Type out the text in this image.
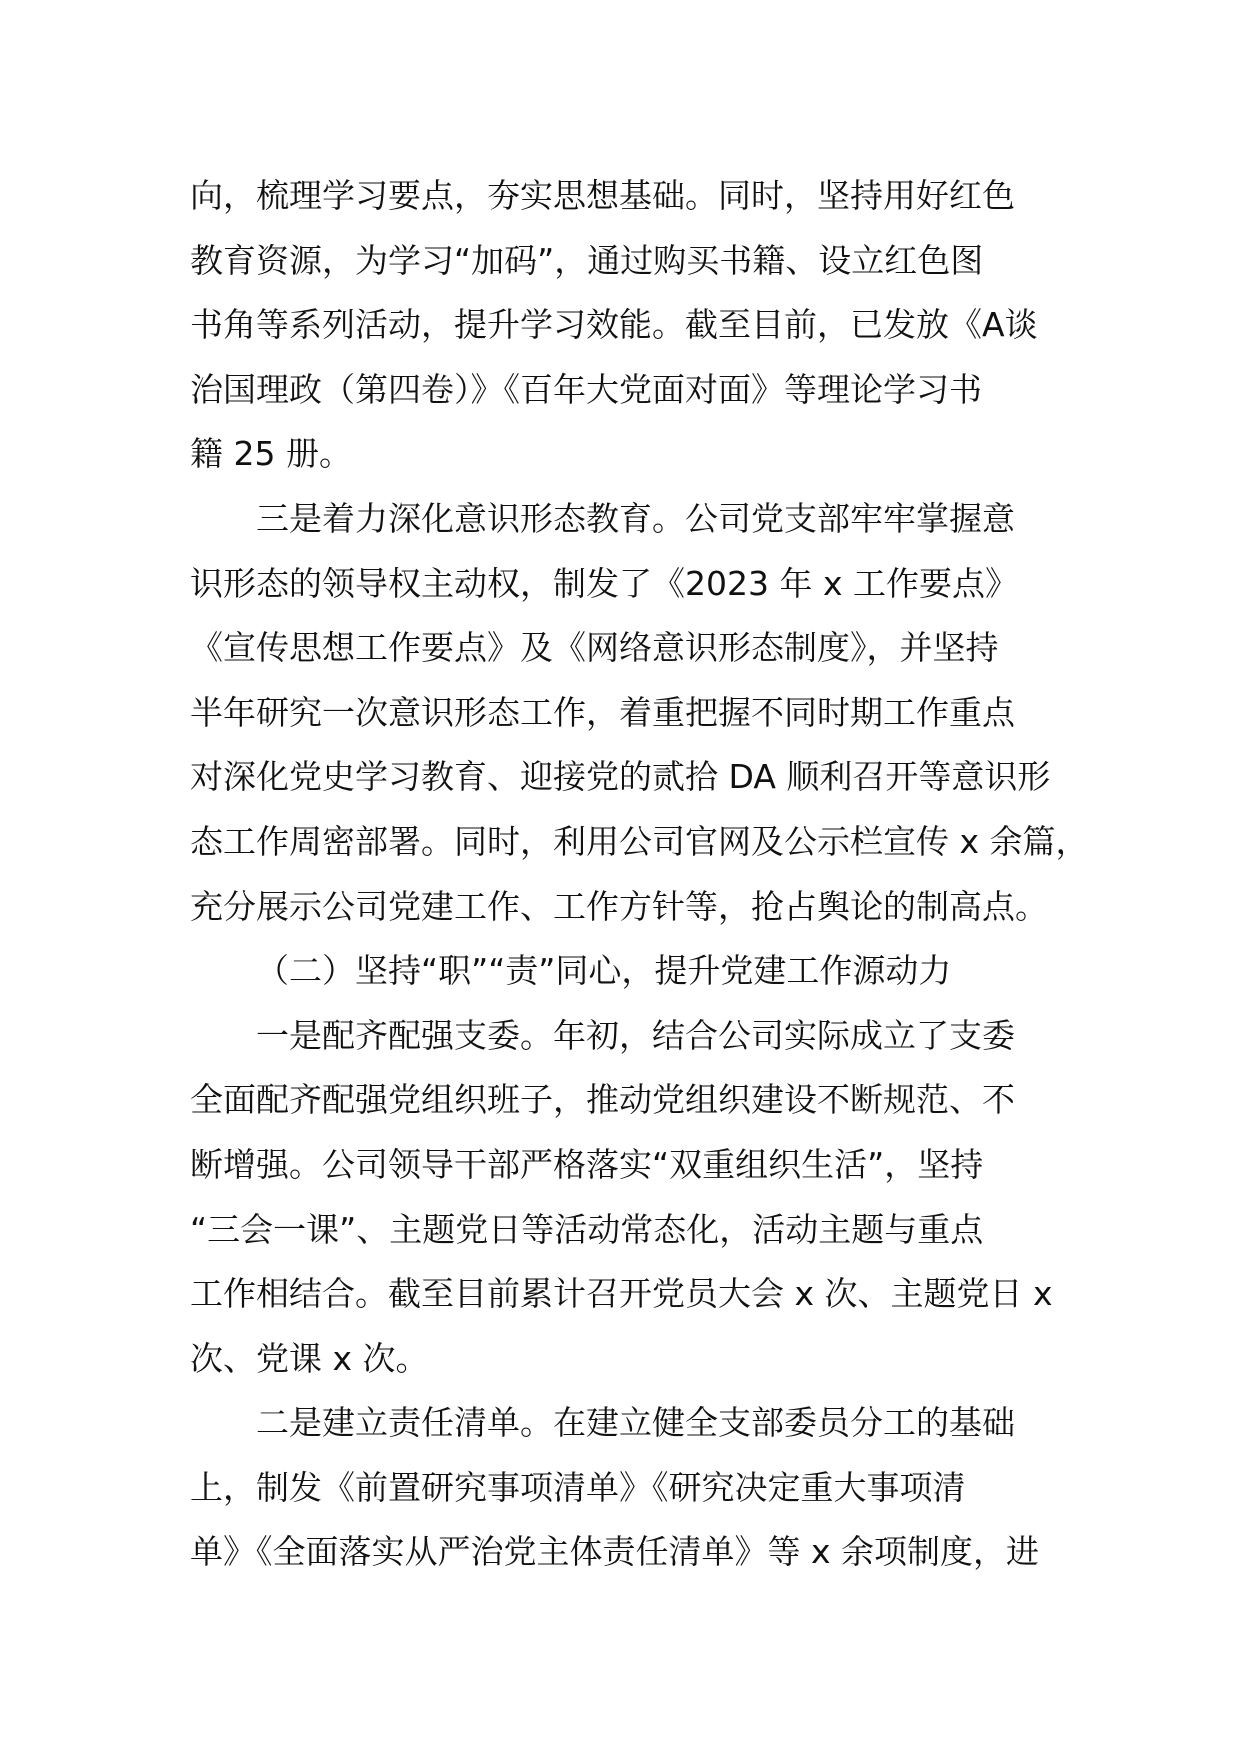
向，梳理学习要点，夯实思想基础。同时，坚持用好红色
教育资源，为学习“加码”，通过购买书籍、设立红色图
书角等系列活动，提升学习效能。截至目前，已发放《A谈
治国理政（第四卷）》《百年大党面对面》等理论学习书
籍 25 册。
三是着力深化意识形态教育。公司党支部牢牢掌握意
识形态的领导权主动权，制发了《2023 年 x 工作要点》
《宣传思想工作要点》及《网络意识形态制度》，并坚持
半年研究一次意识形态工作，着重把握不同时期工作重点
对深化党史学习教育、迎接党的贰拾 DA 顺利召开等意识形
态工作周密部署。同时，利用公司官网及公示栏宣传 x 余篇，
充分展示公司党建工作、工作方针等，抢占舆论的制高点。
（二）坚持“职”“责”同心，提升党建工作源动力
一是配齐配强支委。年初，结合公司实际成立了支委
全面配齐配强党组织班子，推动党组织建设不断规范、不
断增强。公司领导干部严格落实“双重组织生活”，坚持
“三会一课”、主题党日等活动常态化，活动主题与重点
工作相结合。截至目前累计召开党员大会 x 次、主题党日 x
次、党课 x 次。
二是建立责任清单。在建立健全支部委员分工的基础
上，制发《前置研究事项清单》《研究决定重大事项清
单》《全面落实从严治党主体责任清单》等 x 余项制度，进
